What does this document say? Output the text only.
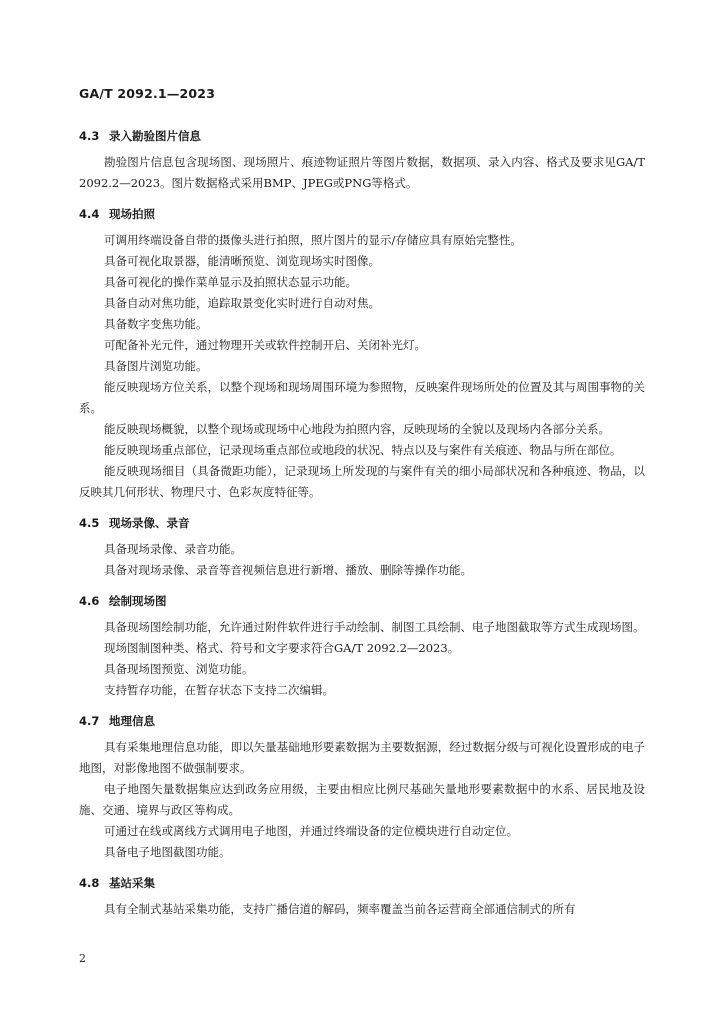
GA/T 2092.1—2023
4.3 录入勘验图片信息

勘验图片信息包含现场图、现场照片、痕迹物证照片等图片数据，数据项、录入内容、格式及要求见GA/T 2092.2—2023。图片数据格式采用BMP、JPEG或PNG等格式。

4.4 现场拍照

可调用终端设备自带的摄像头进行拍照，照片图片的显示/存储应具有原始完整性。

具备可视化取景器，能清晰预览、浏览现场实时图像。

具备可视化的操作菜单显示及拍照状态显示功能。

具备自动对焦功能，追踪取景变化实时进行自动对焦。

具备数字变焦功能。

可配备补光元件，通过物理开关或软件控制开启、关闭补光灯。

具备图片浏览功能。

能反映现场方位关系，以整个现场和现场周围环境为参照物，反映案件现场所处的位置及其与周围事物的关系。

能反映现场概貌，以整个现场或现场中心地段为拍照内容，反映现场的全貌以及现场内各部分关系。

能反映现场重点部位，记录现场重点部位或地段的状况、特点以及与案件有关痕迹、物品与所在部位。

能反映现场细目（具备微距功能），记录现场上所发现的与案件有关的细小局部状况和各种痕迹、物品，以反映其几何形状、物理尺寸、色彩灰度特征等。

4.5 现场录像、录音

具备现场录像、录音功能。

具备对现场录像、录音等音视频信息进行新增、播放、删除等操作功能。

4.6 绘制现场图

具备现场图绘制功能，允许通过附件软件进行手动绘制、制图工具绘制、电子地图截取等方式生成现场图。

现场图制图种类、格式、符号和文字要求符合GA/T 2092.2—2023。

具备现场图预览、浏览功能。

支持暂存功能，在暂存状态下支持二次编辑。

4.7 地理信息

具有采集地理信息功能，即以矢量基础地形要素数据为主要数据源，经过数据分级与可视化设置形成的电子地图，对影像地图不做强制要求。

电子地图矢量数据集应达到政务应用级，主要由相应比例尺基础矢量地形要素数据中的水系、居民地及设施、交通、境界与政区等构成。

可通过在线或离线方式调用电子地图，并通过终端设备的定位模块进行自动定位。

具备电子地图截图功能。

4.8 基站采集

具有全制式基站采集功能，支持广播信道的解码，频率覆盖当前各运营商全部通信制式的所有

2
